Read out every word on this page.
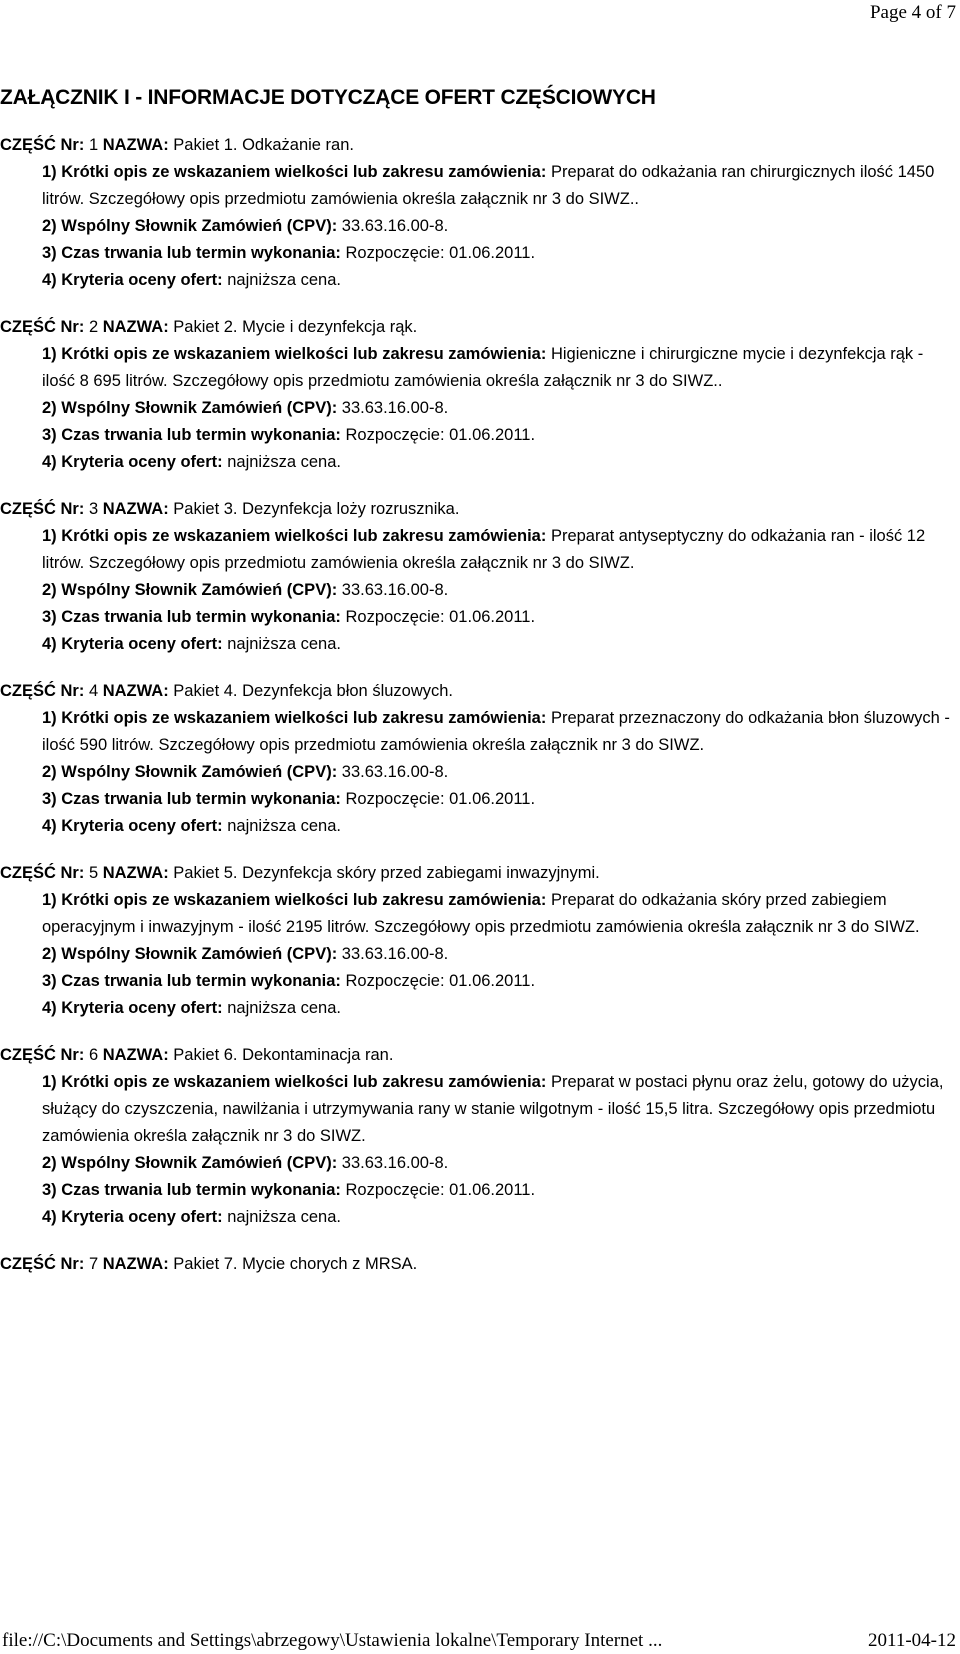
Page 4 of 7
ZAŁĄCZNIK I - INFORMACJE DOTYCZĄCE OFERT CZĘŚCIOWYCH
CZĘŚĆ Nr: 1 NAZWA: Pakiet 1. Odkażanie ran.
1) Krótki opis ze wskazaniem wielkości lub zakresu zamówienia: Preparat do odkażania ran chirurgicznych ilość 1450 litrów. Szczegółowy opis przedmiotu zamówienia określa załącznik nr 3 do SIWZ..
2) Wspólny Słownik Zamówień (CPV): 33.63.16.00-8.
3) Czas trwania lub termin wykonania: Rozpoczęcie: 01.06.2011.
4) Kryteria oceny ofert: najniższa cena.
CZĘŚĆ Nr: 2 NAZWA: Pakiet 2. Mycie i dezynfekcja rąk.
1) Krótki opis ze wskazaniem wielkości lub zakresu zamówienia: Higieniczne i chirurgiczne mycie i dezynfekcja rąk - ilość 8 695 litrów. Szczegółowy opis przedmiotu zamówienia określa załącznik nr 3 do SIWZ..
2) Wspólny Słownik Zamówień (CPV): 33.63.16.00-8.
3) Czas trwania lub termin wykonania: Rozpoczęcie: 01.06.2011.
4) Kryteria oceny ofert: najniższa cena.
CZĘŚĆ Nr: 3 NAZWA: Pakiet 3. Dezynfekcja loży rozrusznika.
1) Krótki opis ze wskazaniem wielkości lub zakresu zamówienia: Preparat antyseptyczny do odkażania ran - ilość 12 litrów. Szczegółowy opis przedmiotu zamówienia określa załącznik nr 3 do SIWZ.
2) Wspólny Słownik Zamówień (CPV): 33.63.16.00-8.
3) Czas trwania lub termin wykonania: Rozpoczęcie: 01.06.2011.
4) Kryteria oceny ofert: najniższa cena.
CZĘŚĆ Nr: 4 NAZWA: Pakiet 4. Dezynfekcja błon śluzowych.
1) Krótki opis ze wskazaniem wielkości lub zakresu zamówienia: Preparat przeznaczony do odkażania błon śluzowych - ilość 590 litrów. Szczegółowy opis przedmiotu zamówienia określa załącznik nr 3 do SIWZ.
2) Wspólny Słownik Zamówień (CPV): 33.63.16.00-8.
3) Czas trwania lub termin wykonania: Rozpoczęcie: 01.06.2011.
4) Kryteria oceny ofert: najniższa cena.
CZĘŚĆ Nr: 5 NAZWA: Pakiet 5. Dezynfekcja skóry przed zabiegami inwazyjnymi.
1) Krótki opis ze wskazaniem wielkości lub zakresu zamówienia: Preparat do odkażania skóry przed zabiegiem operacyjnym i inwazyjnym - ilość 2195 litrów. Szczegółowy opis przedmiotu zamówienia określa załącznik nr 3 do SIWZ.
2) Wspólny Słownik Zamówień (CPV): 33.63.16.00-8.
3) Czas trwania lub termin wykonania: Rozpoczęcie: 01.06.2011.
4) Kryteria oceny ofert: najniższa cena.
CZĘŚĆ Nr: 6 NAZWA: Pakiet 6. Dekontaminacja ran.
1) Krótki opis ze wskazaniem wielkości lub zakresu zamówienia: Preparat w postaci płynu oraz żelu, gotowy do użycia, służący do czyszczenia, nawilżania i utrzymywania rany w stanie wilgotnym - ilość 15,5 litra. Szczegółowy opis przedmiotu zamówienia określa załącznik nr 3 do SIWZ.
2) Wspólny Słownik Zamówień (CPV): 33.63.16.00-8.
3) Czas trwania lub termin wykonania: Rozpoczęcie: 01.06.2011.
4) Kryteria oceny ofert: najniższa cena.
CZĘŚĆ Nr: 7 NAZWA: Pakiet 7. Mycie chorych z MRSA.
file://C:\Documents and Settings\abrzegowy\Ustawienia lokalne\Temporary Internet ...	2011-04-12
